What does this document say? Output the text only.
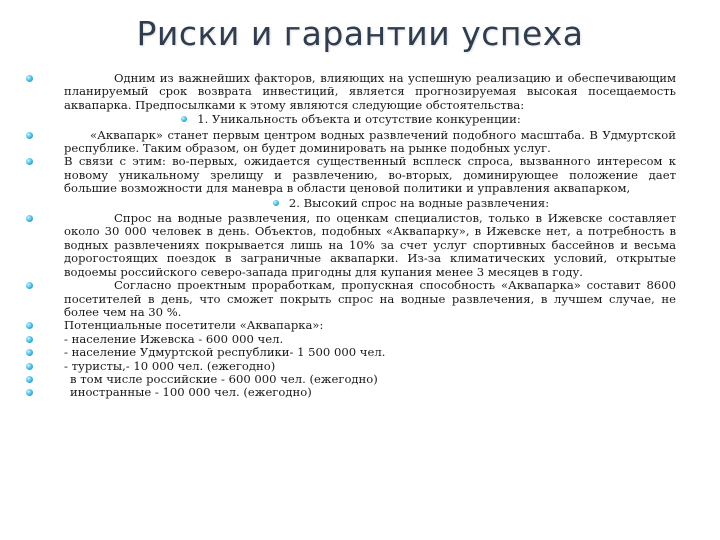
Риски и гарантии успеха

Одним из важнейших факторов, влияющих на успешную реализацию и обеспечивающим планируемый срок возврата инвестиций, является прогнозируемая высокая посещаемость аквапарка. Предпосылками к этому являются следующие обстоятельства:

1. Уникальность объекта и отсутствие конкуренции:

«Аквапарк» станет первым центром водных развлечений подобного масштаба. В Удмуртской республике. Таким образом, он будет доминировать на рынке подобных услуг.

В связи с этим: во-первых, ожидается существенный всплеск спроса, вызванного интересом к новому уникальному зрелищу и развлечению, во-вторых, доминирующее положение дает большие возможности для маневра в области ценовой политики и управления аквапарком,

2. Высокий спрос на водные развлечения:

Спрос на водные развлечения, по оценкам специалистов, только в Ижевске составляет около 30 000 человек в день. Объектов, подобных «Аквапарку», в Ижевске нет, а потребность в водных развлечениях покрывается лишь на 10% за счет услуг спортивных бассейнов и весьма дорогостоящих поездок в заграничные аквапарки. Из-за климатических условий, открытые водоемы российского северо-запада пригодны для купания менее 3 месяцев в году.

Согласно проектным проработкам, пропускная способность «Аквапарка» составит 8600 посетителей в день, что сможет покрыть спрос на водные развлечения, в лучшем случае, не более чем на 30 %.

Потенциальные посетители «Аквапарка»:

- население Ижевска - 600 000 чел.

- население Удмуртской республики- 1 500 000 чел.

- туристы,- 10 000 чел. (ежегодно)

в том числе российские - 600 000 чел. (ежегодно)

иностранные - 100 000 чел. (ежегодно)
